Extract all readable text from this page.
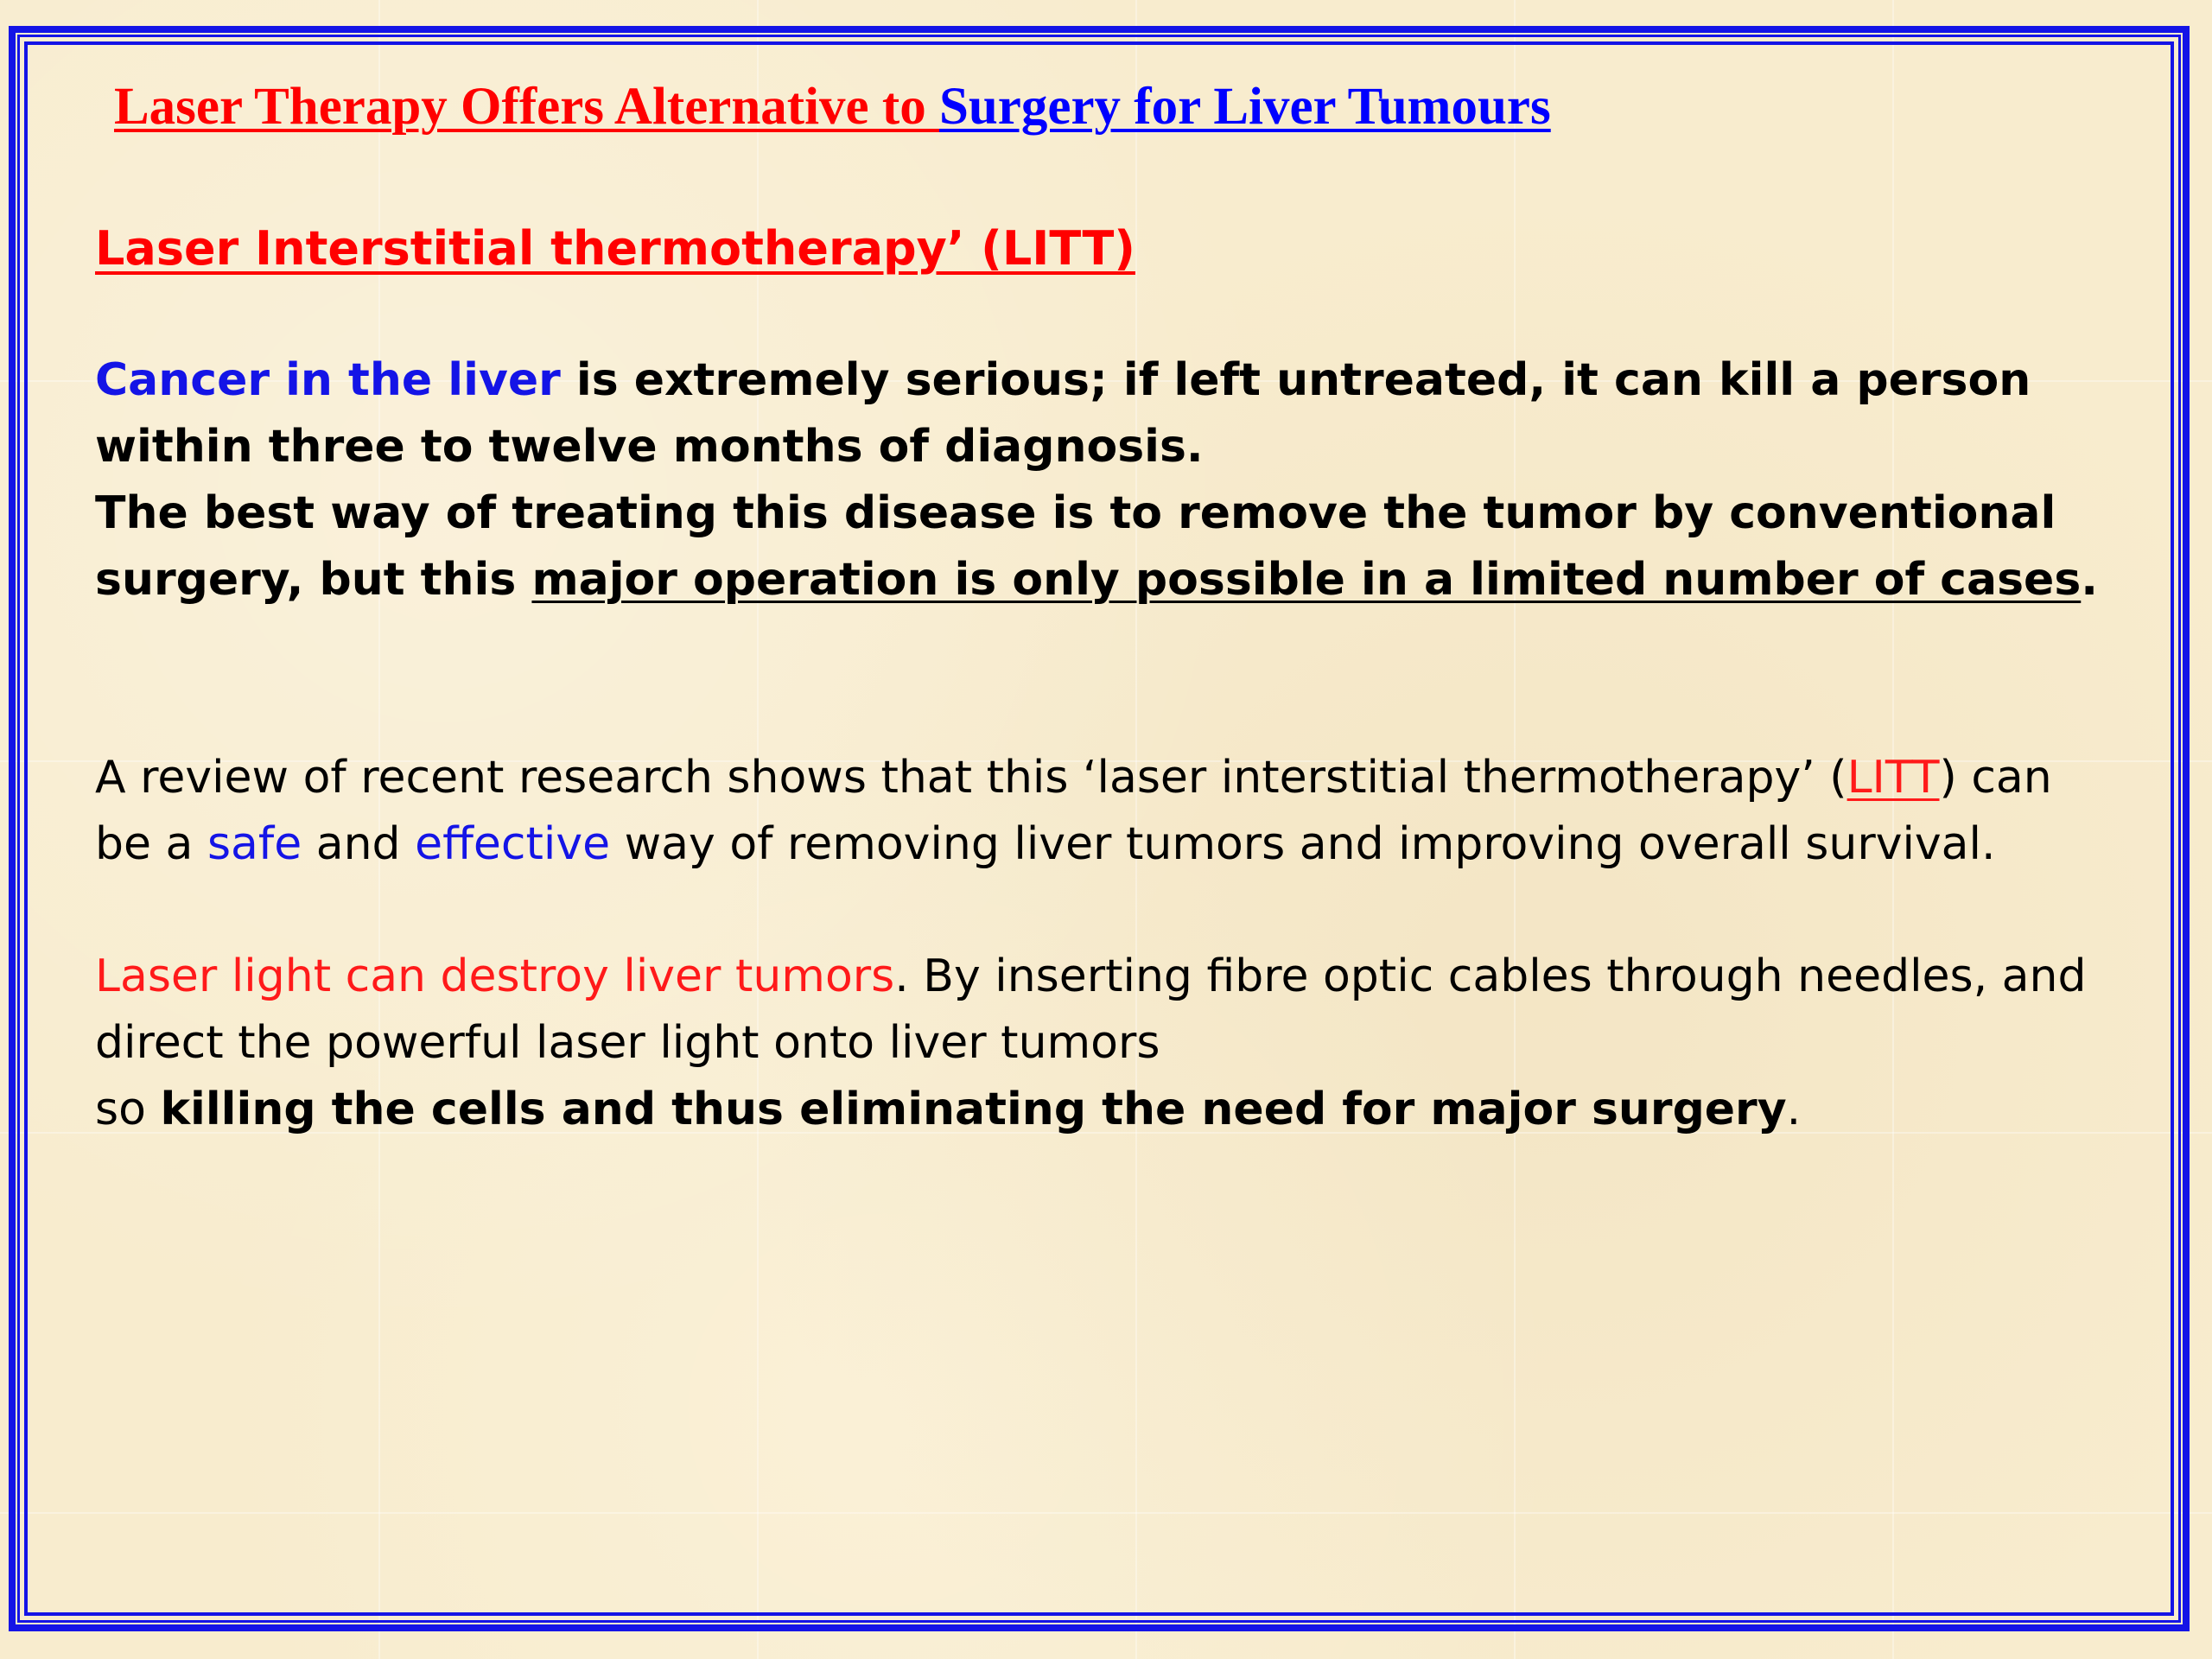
Laser Therapy Offers Alternative to Surgery for Liver Tumours

Laser Interstitial thermotherapy’ (LITT)

Cancer in the liver is extremely serious; if left untreated, it can kill a person within three to twelve months of diagnosis.
The best way of treating this disease is to remove the tumor by conventional surgery, but this major operation is only possible in a limited number of cases.

A review of recent research shows that this ‘laser interstitial thermotherapy’ (LITT) can be a safe and effective way of removing liver tumors and improving overall survival.

Laser light can destroy liver tumors. By inserting fibre optic cables through needles, and direct the powerful laser light onto liver tumors
so killing the cells and thus eliminating the need for major surgery.
